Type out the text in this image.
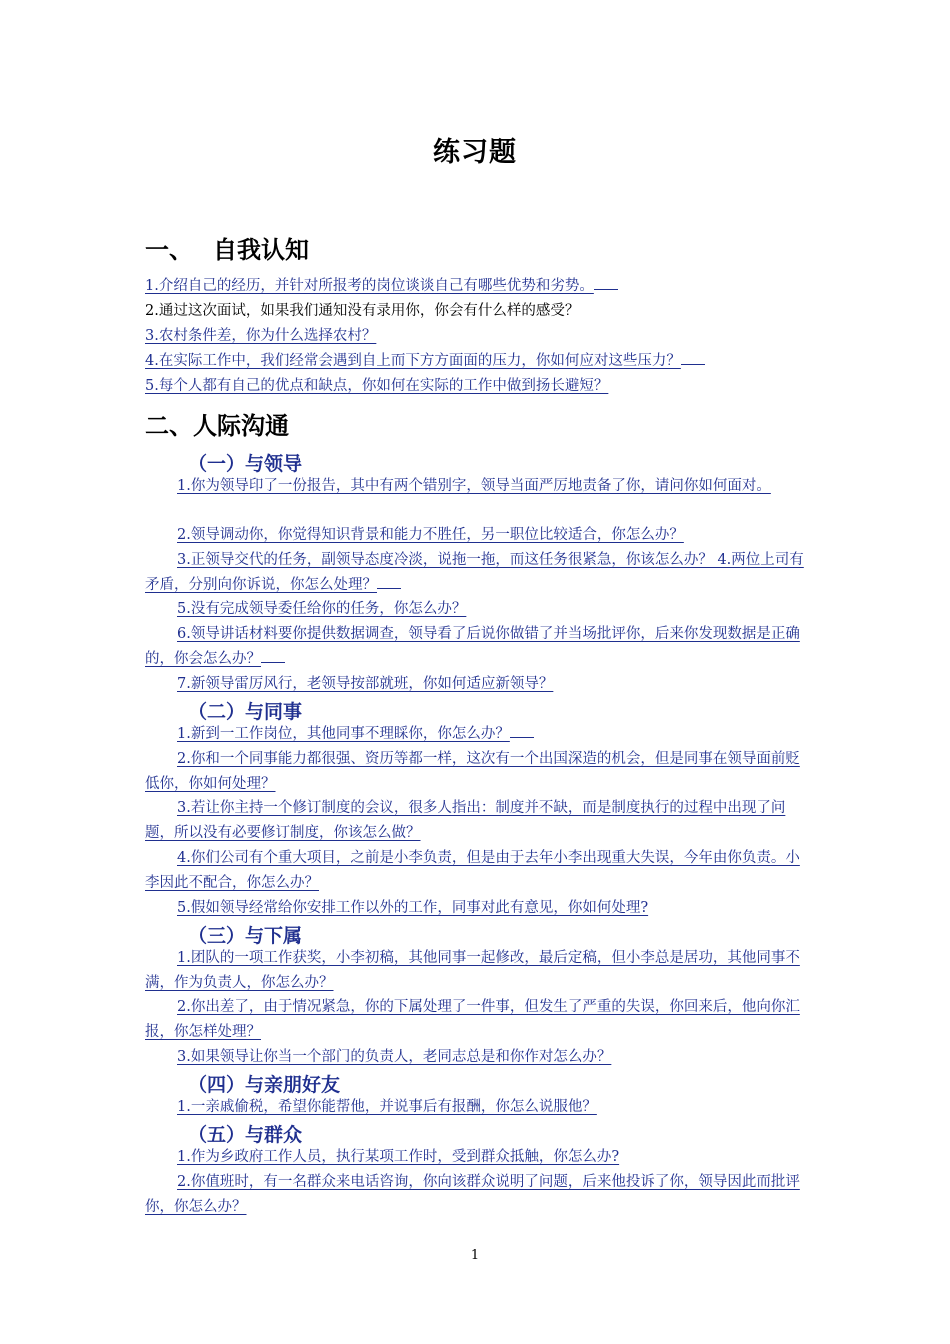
练习题
一、 自我认知
1.介绍自己的经历，并针对所报考的岗位谈谈自己有哪些优势和劣势。
2.通过这次面试，如果我们通知没有录用你，你会有什么样的感受？
3.农村条件差，你为什么选择农村？
4.在实际工作中，我们经常会遇到自上而下方方面面的压力，你如何应对这些压力？
5.每个人都有自己的优点和缺点，你如何在实际的工作中做到扬长避短？
二、人际沟通
（一）与领导
1.你为领导印了一份报告，其中有两个错别字，领导当面严厉地责备了你，请问你如何面对。
2.领导调动你，你觉得知识背景和能力不胜任，另一职位比较适合，你怎么办？
3.正领导交代的任务，副领导态度冷淡，说拖一拖，而这任务很紧急，你该怎么办？ 4.两位上司有矛盾，分别向你诉说，你怎么处理？
5.没有完成领导委任给你的任务，你怎么办？
6.领导讲话材料要你提供数据调查，领导看了后说你做错了并当场批评你，后来你发现数据是正确的，你会怎么办？
7.新领导雷厉风行，老领导按部就班，你如何适应新领导？
（二）与同事
1.新到一工作岗位，其他同事不理睬你，你怎么办？
2.你和一个同事能力都很强、资历等都一样，这次有一个出国深造的机会，但是同事在领导面前贬低你，你如何处理？
3.若让你主持一个修订制度的会议，很多人指出：制度并不缺，而是制度执行的过程中出现了问题，所以没有必要修订制度，你该怎么做？
4.你们公司有个重大项目，之前是小李负责，但是由于去年小李出现重大失误，今年由你负责。小李因此不配合，你怎么办？
5.假如领导经常给你安排工作以外的工作，同事对此有意见，你如何处理?
（三）与下属
1.团队的一项工作获奖，小李初稿，其他同事一起修改，最后定稿，但小李总是居功，其他同事不满，作为负责人，你怎么办？
2.你出差了，由于情况紧急，你的下属处理了一件事，但发生了严重的失误，你回来后，他向你汇报，你怎样处理？
3.如果领导让你当一个部门的负责人，老同志总是和你作对怎么办？
（四）与亲朋好友
1.一亲戚偷税，希望你能帮他，并说事后有报酬，你怎么说服他？
（五）与群众
1.作为乡政府工作人员，执行某项工作时，受到群众抵触，你怎么办?
2.你值班时，有一名群众来电话咨询，你向该群众说明了问题，后来他投诉了你，领导因此而批评你，你怎么办？
1
